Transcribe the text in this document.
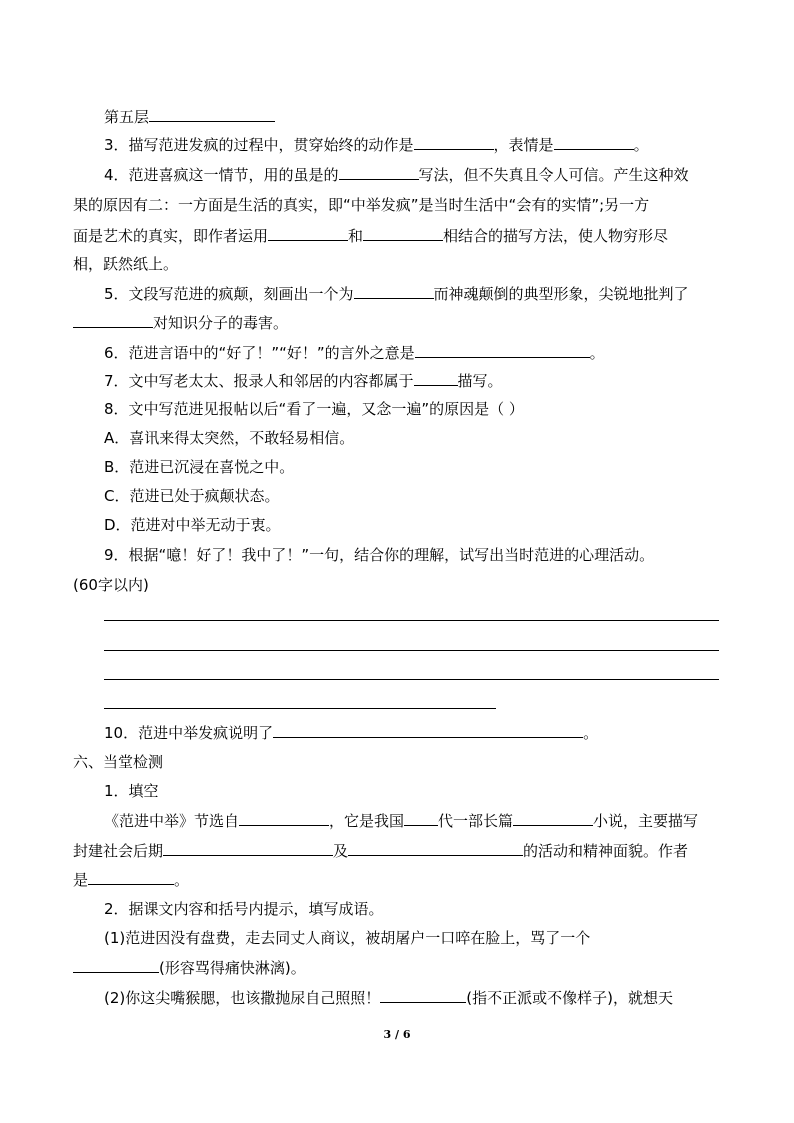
第五层
3．描写范进发疯的过程中，贯穿始终的动作是	，表情是	。
4．范进喜疯这一情节，用的虽是的	写法，但不失真且令人可信。产生这种效
果的原因有二：一方面是生活的真实，即“中举发疯”是当时生活中“会有的实情”;另一方
面是艺术的真实，即作者运用	和	相结合的描写方法，使人物穷形尽
相，跃然纸上。
5．文段写范进的疯颠，刻画出一个为	而神魂颠倒的典型形象，尖锐地批判了
对知识分子的毒害。
6．范进言语中的“好了！”“好！”的言外之意是	。
7．文中写老太太、报录人和邻居的内容都属于	描写。
8．文中写范进见报帖以后“看了一遍，又念一遍”的原因是（ ）
A．喜讯来得太突然，不敢轻易相信。
B．范进已沉浸在喜悦之中。
C．范进已处于疯颠状态。
D．范进对中举无动于衷。
9．根据“噫！好了！我中了！”一句，结合你的理解，试写出当时范进的心理活动。
(60字以内)
10．范进中举发疯说明了	。
六、当堂检测
1．填空
《范进中举》节选自	，它是我国 代一部长篇	小说，主要描写
封建社会后期	及	的活动和精神面貌。作者
是	。
2．据课文内容和括号内提示，填写成语。
(1)范进因没有盘费，走去同丈人商议，被胡屠户一口啐在脸上，骂了一个
(形容骂得痛快淋漓)。
(2)你这尖嘴猴腮，也该撒抛尿自己照照！	(指不正派或不像样子)，就想天
3 / 6
